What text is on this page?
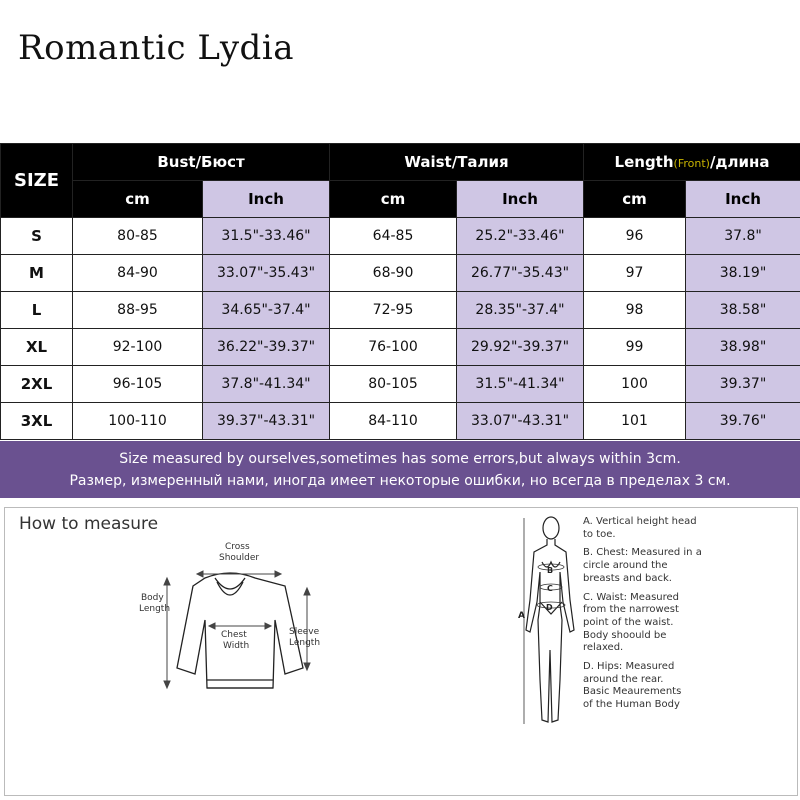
Romantic Lydia
SIZE	Bust/Бюст		Waist/Талия		Length(Front)/длина	
	cm	Inch	cm	Inch	cm	Inch
S	80-85	31.5"-33.46"	64-85	25.2"-33.46"	96	37.8"
M	84-90	33.07"-35.43"	68-90	26.77"-35.43"	97	38.19"
L	88-95	34.65"-37.4"	72-95	28.35"-37.4"	98	38.58"
XL	92-100	36.22"-39.37"	76-100	29.92"-39.37"	99	38.98"
2XL	96-105	37.8"-41.34"	80-105	31.5"-41.34"	100	39.37"
3XL	100-110	39.37"-43.31"	84-110	33.07"-43.31"	101	39.76"
Size measured by ourselves,sometimes has some errors,but always within 3cm.
Размер, измеренный нами, иногда имеет некоторые ошибки, но всегда в пределах 3 см.
How to measure
Cross
Shoulder
Body
Length
Chest
Width
Sleeve
Length
B
C
D
A

A. Vertical height head
to toe.

B. Chest: Measured in a
circle around the
breasts and back.

C. Waist: Measured
from the narrowest
point of the waist.
Body shoould be
relaxed.

D. Hips: Measured
around the rear.
Basic Meaurements
of the Human Body
